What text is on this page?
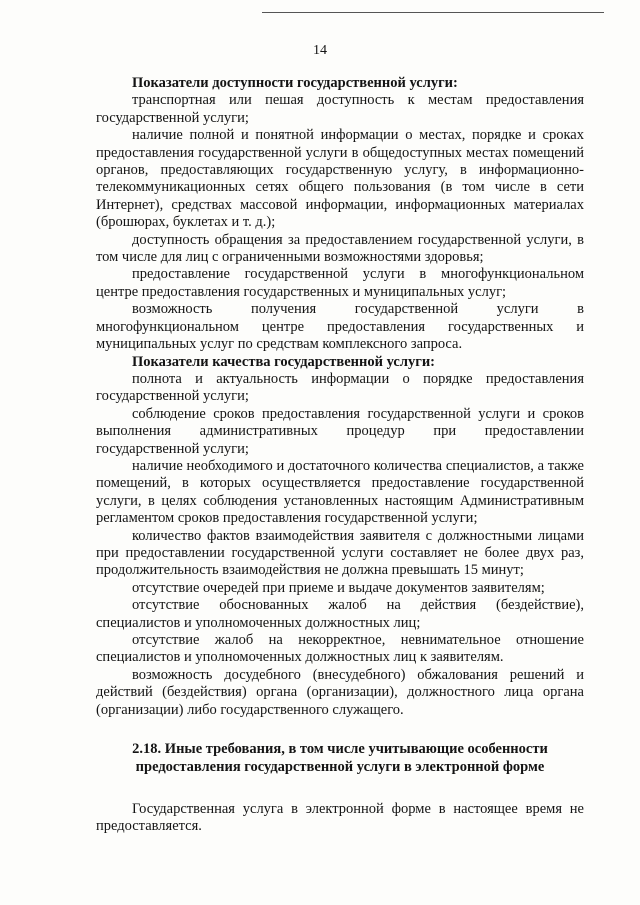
14

Показатели доступности государственной услуги:

транспортная или пешая доступность к местам предоставления государственной услуги;

наличие полной и понятной информации о местах, порядке и сроках предоставления государственной услуги в общедоступных местах помещений органов, предоставляющих государственную услугу, в информационно-телекоммуникационных сетях общего пользования (в том числе в сети Интернет), средствах массовой информации, информационных материалах (брошюрах, буклетах и т. д.);

доступность обращения за предоставлением государственной услуги, в том числе для лиц с ограниченными возможностями здоровья;

предоставление государственной услуги в многофункциональном центре предоставления государственных и муниципальных услуг;

возможность получения государственной услуги в многофункциональном центре предоставления государственных и муниципальных услуг по средствам комплексного запроса.

Показатели качества государственной услуги:

полнота и актуальность информации о порядке предоставления государственной услуги;

соблюдение сроков предоставления государственной услуги и сроков выполнения административных процедур при предоставлении государственной услуги;

наличие необходимого и достаточного количества специалистов, а также помещений, в которых осуществляется предоставление государственной услуги, в целях соблюдения установленных настоящим Административным регламентом сроков предоставления государственной услуги;

количество фактов взаимодействия заявителя с должностными лицами при предоставлении государственной услуги составляет не более двух раз, продолжительность взаимодействия не должна превышать 15 минут;

отсутствие очередей при приеме и выдаче документов заявителям;

отсутствие обоснованных жалоб на действия (бездействие), специалистов и уполномоченных должностных лиц;

отсутствие жалоб на некорректное, невнимательное отношение специалистов и уполномоченных должностных лиц к заявителям.

возможность досудебного (внесудебного) обжалования решений и действий (бездействия) органа (организации), должностного лица органа (организации) либо государственного служащего.

2.18. Иные требования, в том числе учитывающие особенности
предоставления государственной услуги в электронной форме

Государственная услуга в электронной форме в настоящее время не предоставляется.
